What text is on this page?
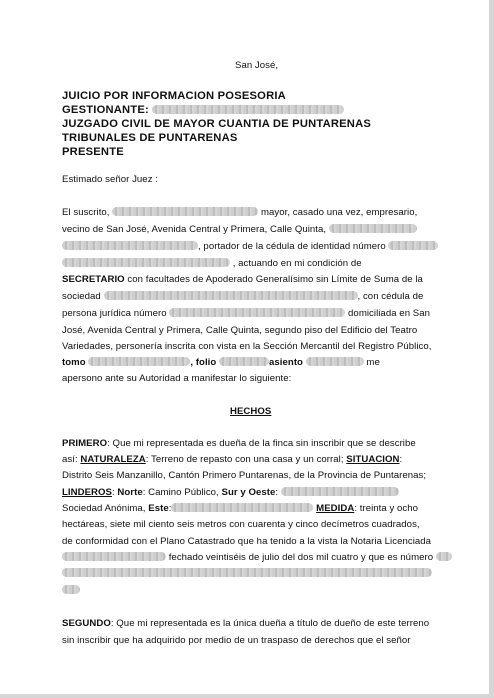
San José,
JUICIO POR INFORMACION POSESORIA
GESTIONANTE:
JUZGADO CIVIL DE MAYOR CUANTIA DE PUNTARENAS
TRIBUNALES DE PUNTARENAS
PRESENTE
Estimado señor Juez :
El suscrito,	mayor, casado una vez, empresario,
vecino de San José, Avenida Central y Primera, Calle Quinta,
, portador de la cédula de identidad número
, actuando en mi condición de
SECRETARIO con facultades de Apoderado Generalísimo sin Límite de Suma de la
sociedad	, con cédula de
persona jurídica número	domiciliada en San
José, Avenida Central y Primera, Calle Quinta, segundo piso del Edificio del Teatro
Variedades, personería inscrita con vista en la Sección Mercantil del Registro Público,
tomo	, folio	asiento	me
apersono ante su Autoridad a manifestar lo siguiente:
HECHOS
PRIMERO: Que mi representada es dueña de la finca sin inscribir que se describe
así: NATURALEZA: Terreno de repasto con una casa y un corral; SITUACION:
Distrito Seis Manzanillo, Cantón Primero Puntarenas, de la Provincia de Puntarenas;
LINDEROS: Norte: Camino Público, Sur y Oeste:
Sociedad Anónima, Este:	MEDIDA: treinta y ocho
hectáreas, siete mil ciento seis metros con cuarenta y cinco decímetros cuadrados,
de conformidad con el Plano Catastrado que ha tenido a la vista la Notaria Licenciada
fechado veintiséis de julio del dos mil cuatro y que es número
SEGUNDO: Que mi representada es la única dueña a título de dueño de este terreno
sin inscribir que ha adquirido por medio de un traspaso de derechos que el señor
